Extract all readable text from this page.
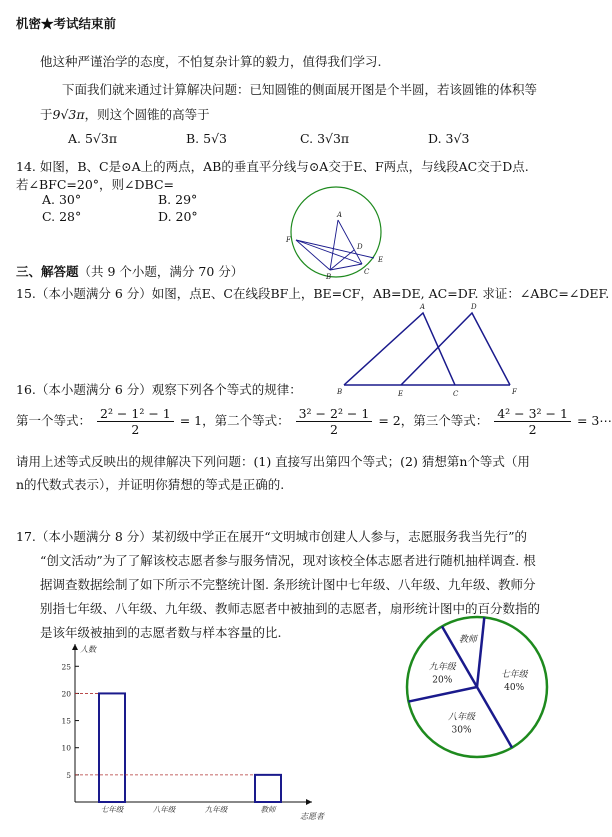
机密★考试结束前
他这种严谨治学的态度，不怕复杂计算的毅力，值得我们学习.
下面我们就来通过计算解决问题：已知圆锥的侧面展开图是个半圆，若该圆锥的体积等
于9√3π，则这个圆锥的高等于
A. 5√3π	B. 5√3	C. 3√3π	D. 3√3
14. 如图，B、C是⊙A上的两点，AB的垂直平分线与⊙A交于E、F两点，与线段AC交于D点.
若∠BFC=20°，则∠DBC=
A. 30°	B. 29°
C. 28°	D. 20°	A
B
C
D
E
F
三、解答题（共 9 个小题，满分 70 分）
15.（本小题满分 6 分）如图，点E、C在线段BF上，BE=CF，AB=DE, AC=DF. 求证：∠ABC=∠DEF.
A
B	C
D
E	F
16.（本小题满分 6 分）观察下列各个等式的规律：
第一个等式： $\frac{\text{2² − 1² − 1}}{2} = 1$，第二个等式： $\frac{\text{3² − 2² − 1}}{2} = 2$，第三个等式： $\frac{\text{4² − 3² − 1}}{2}$ = 3⋯
请用上述等式反映出的规律解决下列问题：(1) 直接写出第四个等式；(2) 猜想第n个等式（用
n的代数式表示），并证明你猜想的等式是正确的.
17.（本小题满分 8 分）某初级中学正在展开“文明城市创建人人参与，志愿服务我当先行”的
“创文活动”为了了解该校志愿者参与服务情况，现对该校全体志愿者进行随机抽样调查. 根
据调查数据绘制了如下所示不完整统计图. 条形统计图中七年级、八年级、九年级、教师分
别指七年级、八年级、九年级、教师志愿者中被抽到的志愿者，扇形统计图中的百分数指的
是该年级被抽到的志愿者数与样本容量的比.
5
10
15
20
25
人数
志愿者
七年级	八年级	九年级	教师
七年级
40%
八年级
30%
九年级
20%
教师
